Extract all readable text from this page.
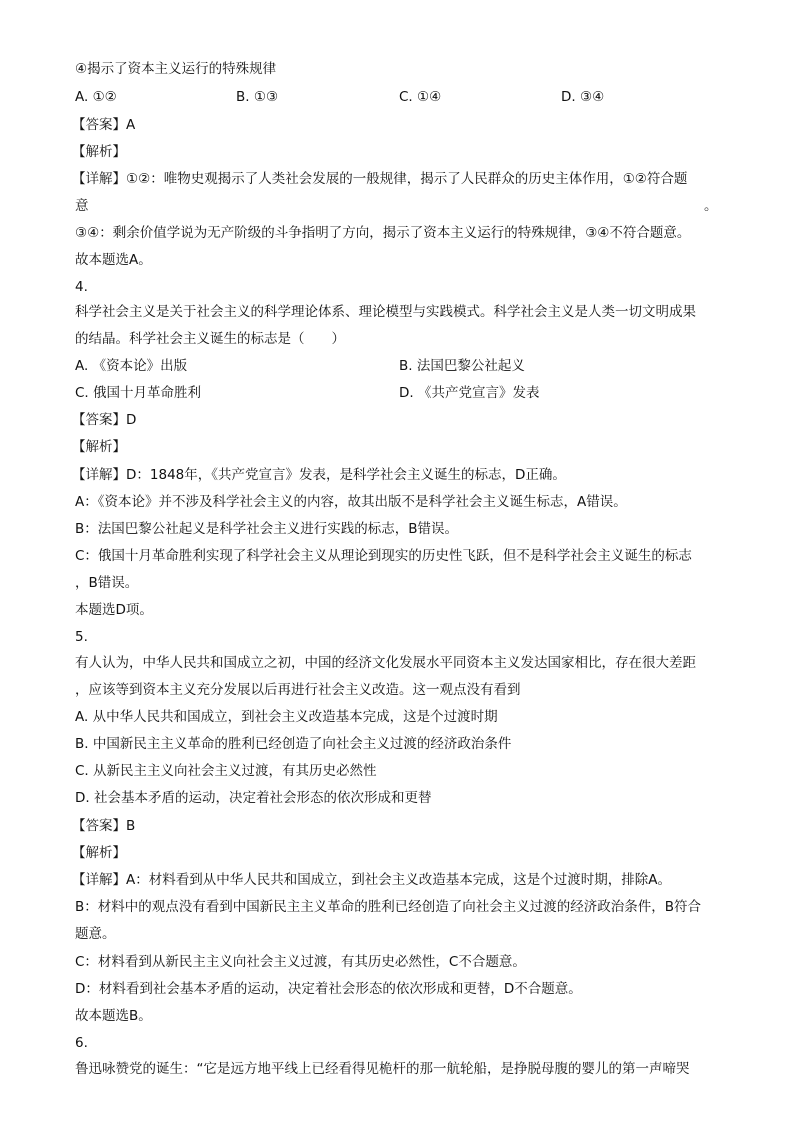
④揭示了资本主义运行的特殊规律
A. ①②	B. ①③	C. ①④	D. ③④
【答案】A
【解析】
【详解】①②：唯物史观揭示了人类社会发展的一般规律，揭示了人民群众的历史主体作用，①②符合题
意	。
③④：剩余价值学说为无产阶级的斗争指明了方向，揭示了资本主义运行的特殊规律，③④不符合题意。
故本题选A。
4.
科学社会主义是关于社会主义的科学理论体系、理论模型与实践模式。科学社会主义是人类一切文明成果
的结晶。科学社会主义诞生的标志是（　　）
A. 《资本论》出版	B. 法国巴黎公社起义
C. 俄国十月革命胜利	D. 《共产党宣言》发表
【答案】D
【解析】
【详解】D：1848年，《共产党宣言》发表，是科学社会主义诞生的标志，D正确。
A：《资本论》并不涉及科学社会主义的内容，故其出版不是科学社会主义诞生标志，A错误。
B：法国巴黎公社起义是科学社会主义进行实践的标志，B错误。
C：俄国十月革命胜利实现了科学社会主义从理论到现实的历史性飞跃，但不是科学社会主义诞生的标志
，B错误。
本题选D项。
5.
有人认为，中华人民共和国成立之初，中国的经济文化发展水平同资本主义发达国家相比，存在很大差距
，应该等到资本主义充分发展以后再进行社会主义改造。这一观点没有看到
A. 从中华人民共和国成立，到社会主义改造基本完成，这是个过渡时期
B. 中国新民主主义革命的胜利已经创造了向社会主义过渡的经济政治条件
C. 从新民主主义向社会主义过渡，有其历史必然性
D. 社会基本矛盾的运动，决定着社会形态的依次形成和更替
【答案】B
【解析】
【详解】A：材料看到从中华人民共和国成立，到社会主义改造基本完成，这是个过渡时期，排除A。
B：材料中的观点没有看到中国新民主主义革命的胜利已经创造了向社会主义过渡的经济政治条件，B符合
题意。
C：材料看到从新民主主义向社会主义过渡，有其历史必然性，C不合题意。
D：材料看到社会基本矛盾的运动，决定着社会形态的依次形成和更替，D不合题意。
故本题选B。
6.
鲁迅咏赞党的诞生：“它是远方地平线上已经看得见桅杆的那一航轮船，是挣脱母腹的婴儿的第一声啼哭
